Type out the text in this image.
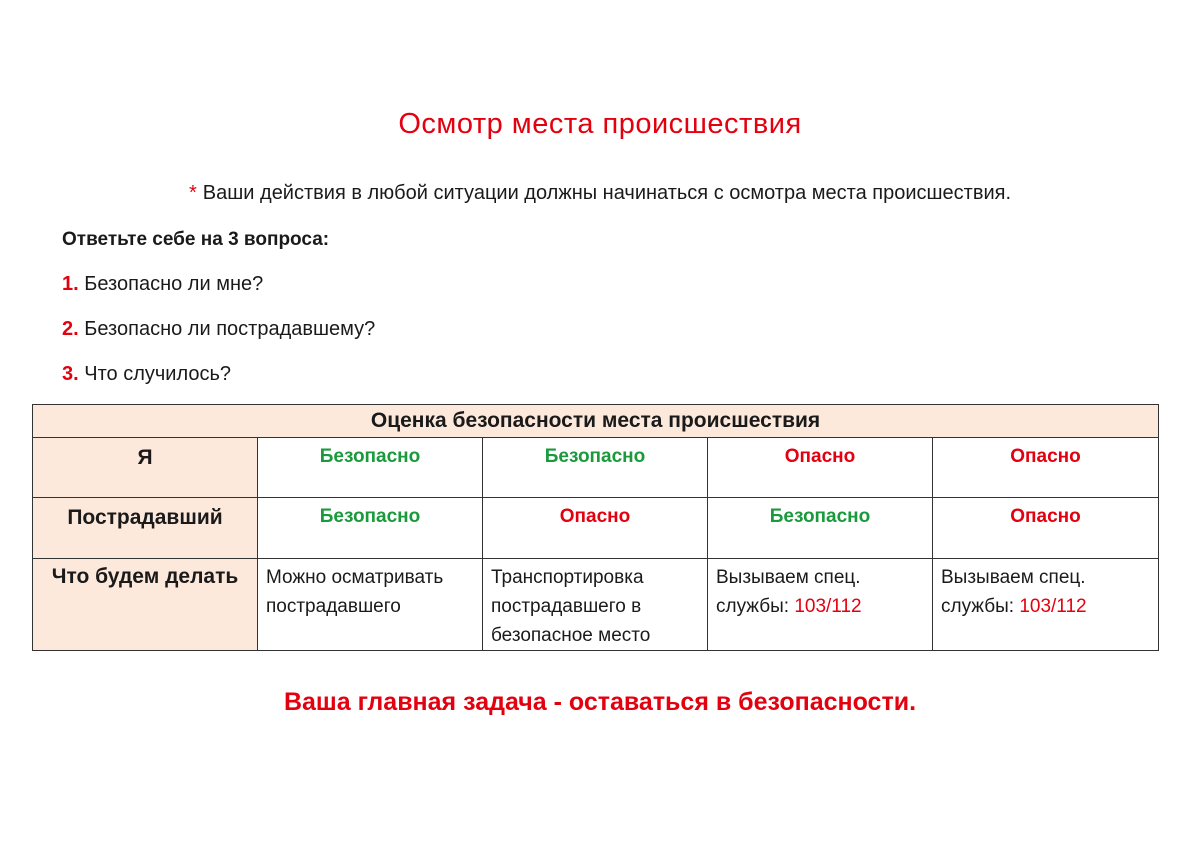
Осмотр места происшествия
* Ваши действия в любой ситуации должны начинаться с осмотра места происшествия.
Ответьте себе на 3 вопроса:
1. Безопасно ли мне?
2. Безопасно ли пострадавшему?
3. Что случилось?
Оценка безопасности места происшествия				
Я	Безопасно	Безопасно	Опасно	Опасно
Пострадавший	Безопасно	Опасно	Безопасно	Опасно
Что будем делать	Можно осматривать пострадавшего	Транспортировка пострадавшего в безопасное место	Вызываем спец. службы: 103/112	Вызываем спец. службы: 103/112
Ваша главная задача - оставаться в безопасности.
